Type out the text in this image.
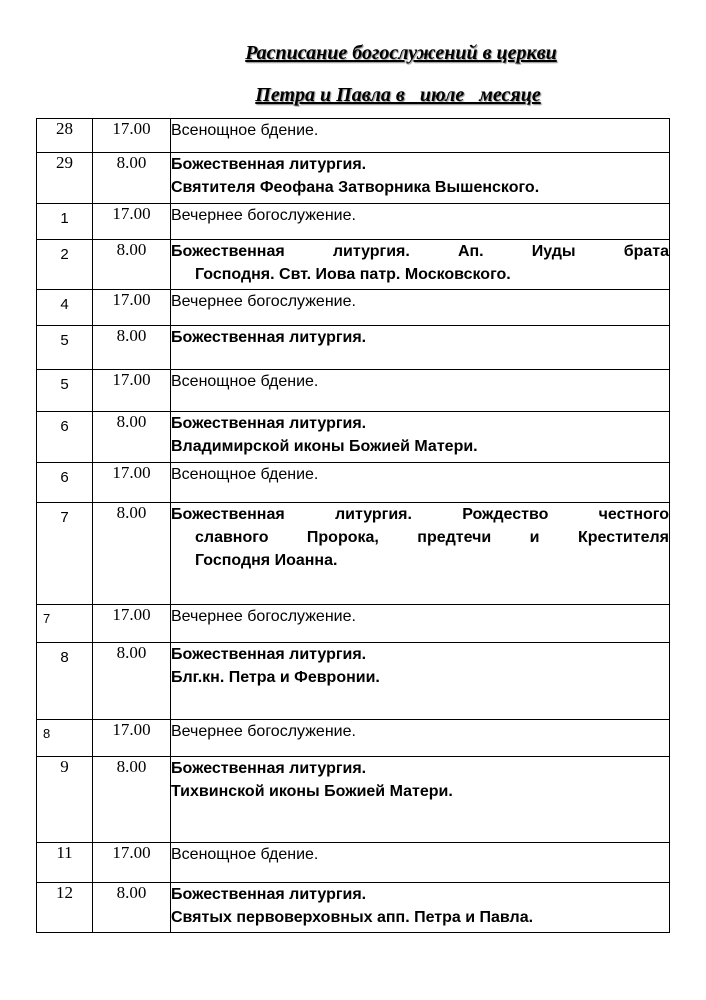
Расписание богослужений в церкви
Петра и Павла в   июле   месяце
28	17.00	Всенощное бдение.

29	8.00	Божественная литургия.
Святителя Феофана Затворника Вышенского.

1	17.00	Вечернее богослужение.

2	8.00	Божественная литургия. Ап. Иуды брата
Господня. Свт. Иова патр. Московского.

4	17.00	Вечернее богослужение.

5	8.00	Божественная литургия.

5	17.00	Всенощное бдение.

6	8.00	Божественная литургия.
Владимирской иконы Божией Матери.

6	17.00	Всенощное бдение.

7	8.00	Божественная литургия. Рождество честного
славного Пророка, предтечи и Крестителя
Господня Иоанна.

7	17.00	Вечернее богослужение.

8	8.00	Божественная литургия.
Блг.кн. Петра и Февронии.

8	17.00	Вечернее богослужение.

9	8.00	Божественная литургия.
Тихвинской иконы Божией Матери.

11	17.00	Всенощное бдение.

12	8.00	Божественная литургия.
Святых первоверховных апп. Петра и Павла.
